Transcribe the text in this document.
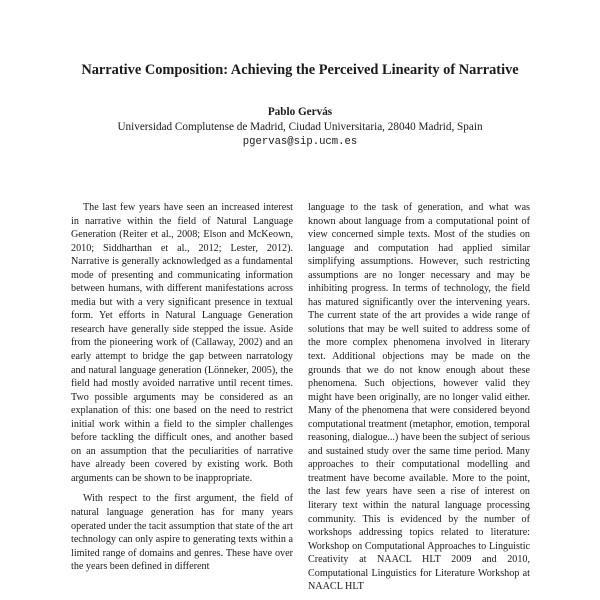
Narrative Composition: Achieving the Perceived Linearity of Narrative
Pablo Gervás
Universidad Complutense de Madrid, Ciudad Universitaria, 28040 Madrid, Spain
pgervas@sip.ucm.es

The last few years have seen an increased interest in narrative within the field of Natural Language Generation (Reiter et al., 2008; Elson and McKeown, 2010; Siddharthan et al., 2012; Lester, 2012). Narrative is generally acknowledged as a fundamental mode of presenting and communicating information between humans, with different manifestations across media but with a very significant presence in textual form. Yet efforts in Natural Language Generation research have generally side stepped the issue. Aside from the pioneering work of (Callaway, 2002) and an early attempt to bridge the gap between narratology and natural language generation (Lönneker, 2005), the field had mostly avoided narrative until recent times. Two possible arguments may be considered as an explanation of this: one based on the need to restrict initial work within a field to the simpler challenges before tackling the difficult ones, and another based on an assumption that the peculiarities of narrative have already been covered by existing work. Both arguments can be shown to be inappropriate.

With respect to the first argument, the field of natural language generation has for many years operated under the tacit assumption that state of the art technology can only aspire to generating texts within a limited range of domains and genres. These have over the years been defined in different

language to the task of generation, and what was known about language from a computational point of view concerned simple texts. Most of the studies on language and computation had applied similar simplifying assumptions. However, such restricting assumptions are no longer necessary and may be inhibiting progress. In terms of technology, the field has matured significantly over the intervening years. The current state of the art provides a wide range of solutions that may be well suited to address some of the more complex phenomena involved in literary text. Additional objections may be made on the grounds that we do not know enough about these phenomena. Such objections, however valid they might have been originally, are no longer valid either. Many of the phenomena that were considered beyond computational treatment (metaphor, emotion, temporal reasoning, dialogue...) have been the subject of serious and sustained study over the same time period. Many approaches to their computational modelling and treatment have become available. More to the point, the last few years have seen a rise of interest on literary text within the natural language processing community. This is evidenced by the number of workshops addressing topics related to literature: Workshop on Computational Approaches to Linguistic Creativity at NAACL HLT 2009 and 2010, Computational Linguistics for Literature Workshop at NAACL HLT
